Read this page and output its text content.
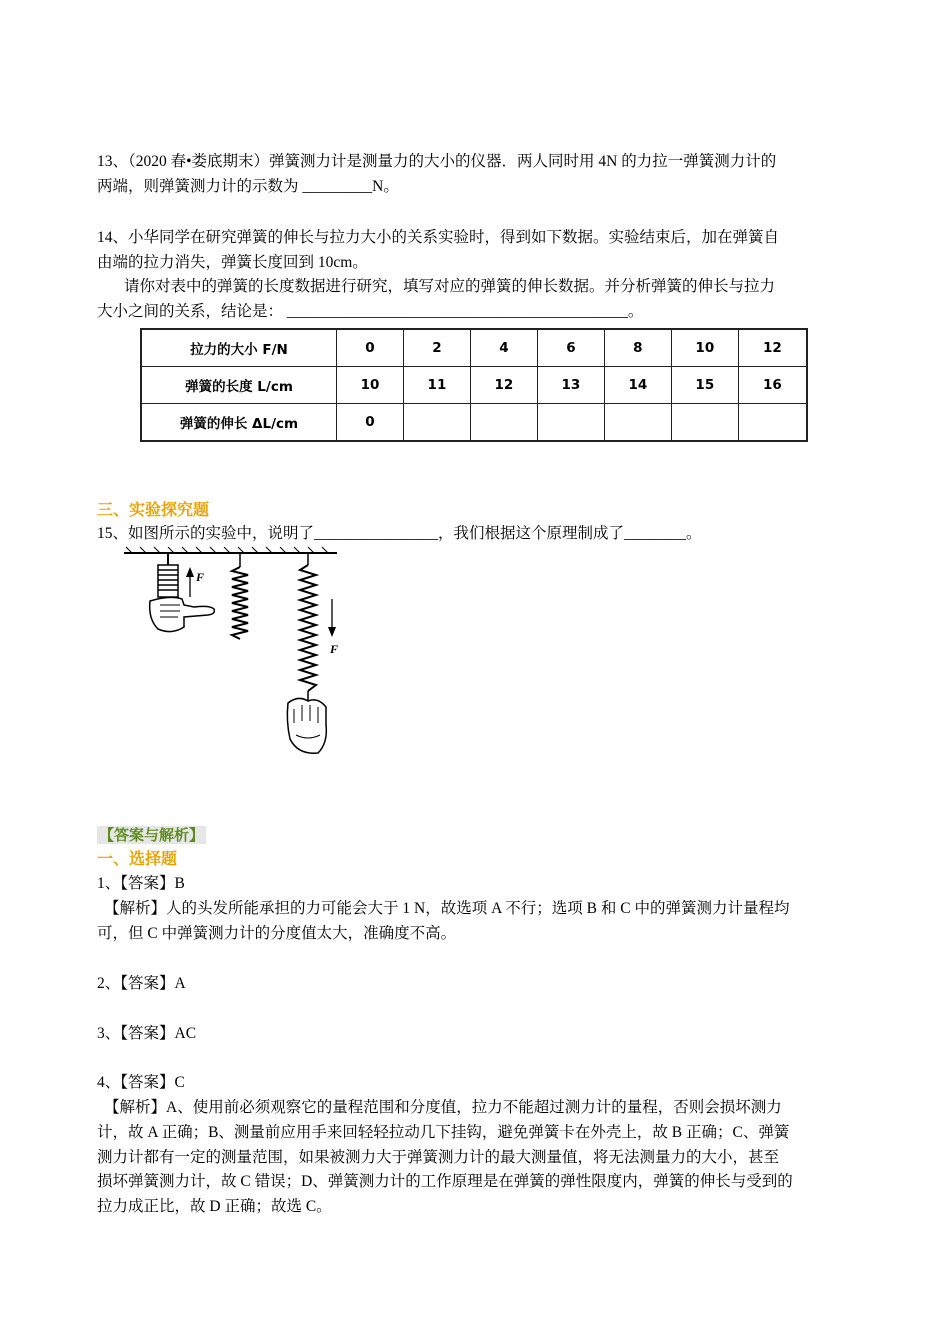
13、（2020 春•娄底期末）弹簧测力计是测量力的大小的仪器．两人同时用 4N 的力拉一弹簧测力计的
两端，则弹簧测力计的示数为 _________N。
14、小华同学在研究弹簧的伸长与拉力大小的关系实验时，得到如下数据。实验结束后，加在弹簧自
由端的拉力消失，弹簧长度回到 10cm。
请你对表中的弹簧的长度数据进行研究，填写对应的弹簧的伸长数据。并分析弹簧的伸长与拉力
大小之间的关系，结论是： ____________________________________________。
拉力的大小 F/N	0	2	4	6	8	10	12
弹簧的长度 L/cm	10	11	12	13	14	15	16
弹簧的伸长 ΔL/cm	0						
三、实验探究题
15、如图所示的实验中，说明了________________，我们根据这个原理制成了________。
F
F
【答案与解析】
一、选择题
1、【答案】B
【解析】人的头发所能承担的力可能会大于 1 N，故选项 A 不行；选项 B 和 C 中的弹簧测力计量程均
可，但 C 中弹簧测力计的分度值太大，准确度不高。
2、【答案】A
3、【答案】AC
4、【答案】C
【解析】A、使用前必须观察它的量程范围和分度值，拉力不能超过测力计的量程，否则会损坏测力
计，故 A 正确；B、测量前应用手来回轻轻拉动几下挂钩，避免弹簧卡在外壳上，故 B 正确；C、弹簧
测力计都有一定的测量范围，如果被测力大于弹簧测力计的最大测量值，将无法测量力的大小，甚至
损坏弹簧测力计，故 C 错误；D、弹簧测力计的工作原理是在弹簧的弹性限度内，弹簧的伸长与受到的
拉力成正比，故 D 正确；故选 C。
